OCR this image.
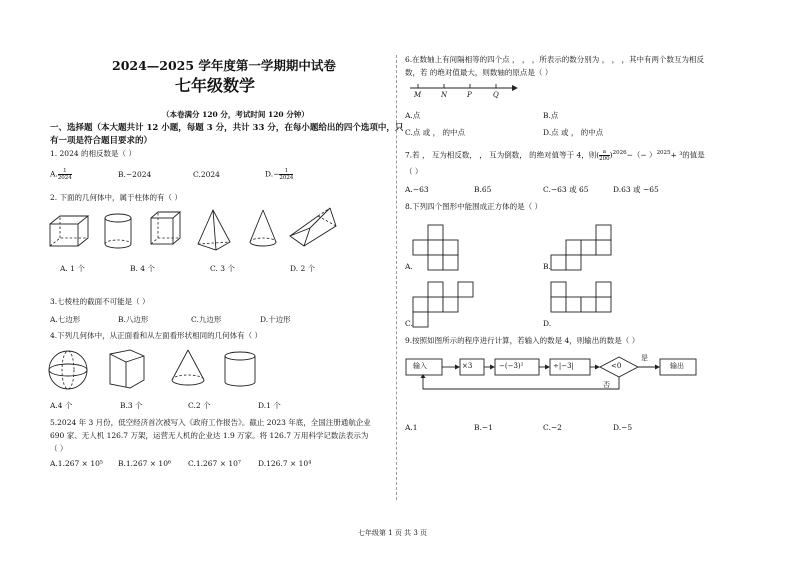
2024—2025 学年度第一学期期中试卷
七年级数学
（本卷满分 120 分，考试时间 120 分钟）
一、选择题（本大题共计 12 小题，每题 3 分，共计 33 分，在每小题给出的四个选项中，只
有一项是符合题目要求的）
1. 2024 的相反数是（ ）
A. $\frac{1}{2024}$	B.−2024	C.2024	$D.- \frac{1}{2024}$
2. 下面的几何体中，属于柱体的有（ ）
A. 1 个	B. 4 个	C. 3 个	D. 2 个
3.七棱柱的截面不可能是（ ）
A.七边形	B.八边形	C.九边形	D.十边形
4.下列几何体中，从正面看和从左面看形状相同的几何体有（ ）
A.4 个	B.3 个	C.2 个	D.1 个
5.2024 年 3 月份，低空经济首次被写入《政府工作报告》。截止 2023 年底，全国注册通航企业
690 家、无人机 126.7 万架，运营无人机的企业达 1.9 万家。将 126.7 万用科学记数法表示为
（ ）
A.1.267 × 10⁵ B.1.267 × 10⁶ C.1.267 × 10⁷ D.126.7 × 10⁴
6.在数轴上有间隔相等的四个点 ， ， ，所表示的数分别为 ， ， ，其中有两个数互为相反
数，若 的绝对值最大，则数轴的原点是（ ）
M	N	P	Q
A.点	B.点
C.点 或 ， 的中点	D.点 或 ， 的中点
7.若 ， 互为相反数， ， 互为倒数， 的绝对值等于 4，则( $\frac{a}{200} )^{2026}-(- )^{2025}+ ^3$的值是
（ ）
A.−63	B.65	C.−63 或 65	D.63 或 −65
8.下列四个图形中能围成正方体的是（ ）
A.	B.
C.	D.
9.按照如图所示的程序进行计算，若输入的数是 4，则输出的数是（ ）
输入	×3	−(−3)²	÷|−3|	<0	输出
是
否
A.1	B.−1	C.−2	D.−5
七年级第 1 页 共 3 页
